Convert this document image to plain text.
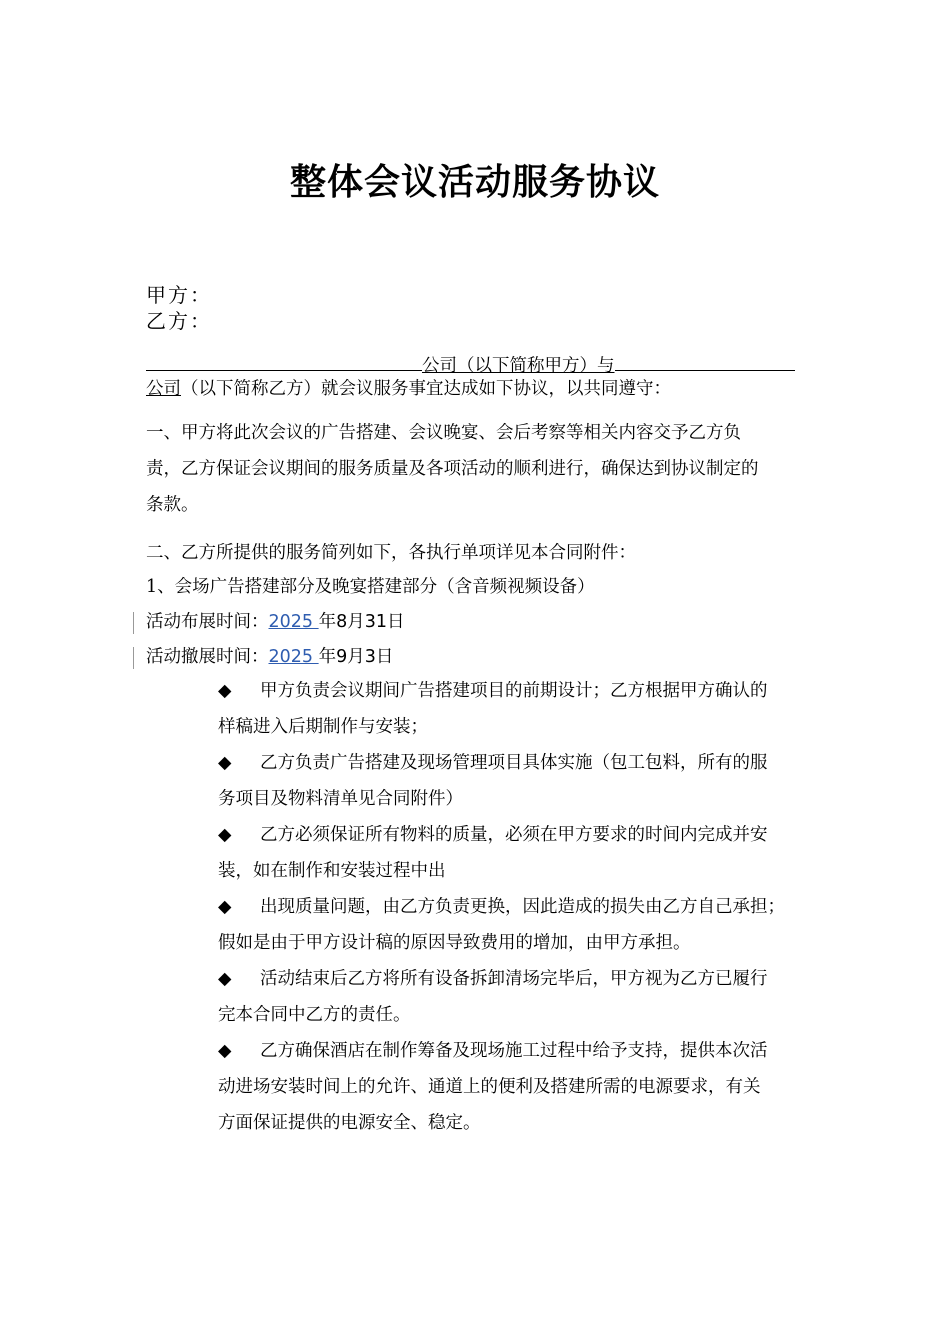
整体会议活动服务协议
甲方：
乙方：
公司（以下简称甲方）与
公司（以下简称乙方）就会议服务事宜达成如下协议，以共同遵守：
一、甲方将此次会议的广告搭建、会议晚宴、会后考察等相关内容交予乙方负
责，乙方保证会议期间的服务质量及各项活动的顺利进行，确保达到协议制定的
条款。
二、乙方所提供的服务简列如下，各执行单项详见本合同附件：
1、会场广告搭建部分及晚宴搭建部分（含音频视频设备）
活动布展时间：2025 年8月31日
活动撤展时间：2025 年9月3日
◆ 甲方负责会议期间广告搭建项目的前期设计；乙方根据甲方确认的
样稿进入后期制作与安装；
◆ 乙方负责广告搭建及现场管理项目具体实施（包工包料，所有的服
务项目及物料清单见合同附件）
◆ 乙方必须保证所有物料的质量，必须在甲方要求的时间内完成并安
装，如在制作和安装过程中出
◆ 出现质量问题，由乙方负责更换，因此造成的损失由乙方自己承担；
假如是由于甲方设计稿的原因导致费用的增加，由甲方承担。
◆ 活动结束后乙方将所有设备拆卸清场完毕后，甲方视为乙方已履行
完本合同中乙方的责任。
◆ 乙方确保酒店在制作筹备及现场施工过程中给予支持，提供本次活
动进场安装时间上的允许、通道上的便利及搭建所需的电源要求，有关
方面保证提供的电源安全、稳定。
